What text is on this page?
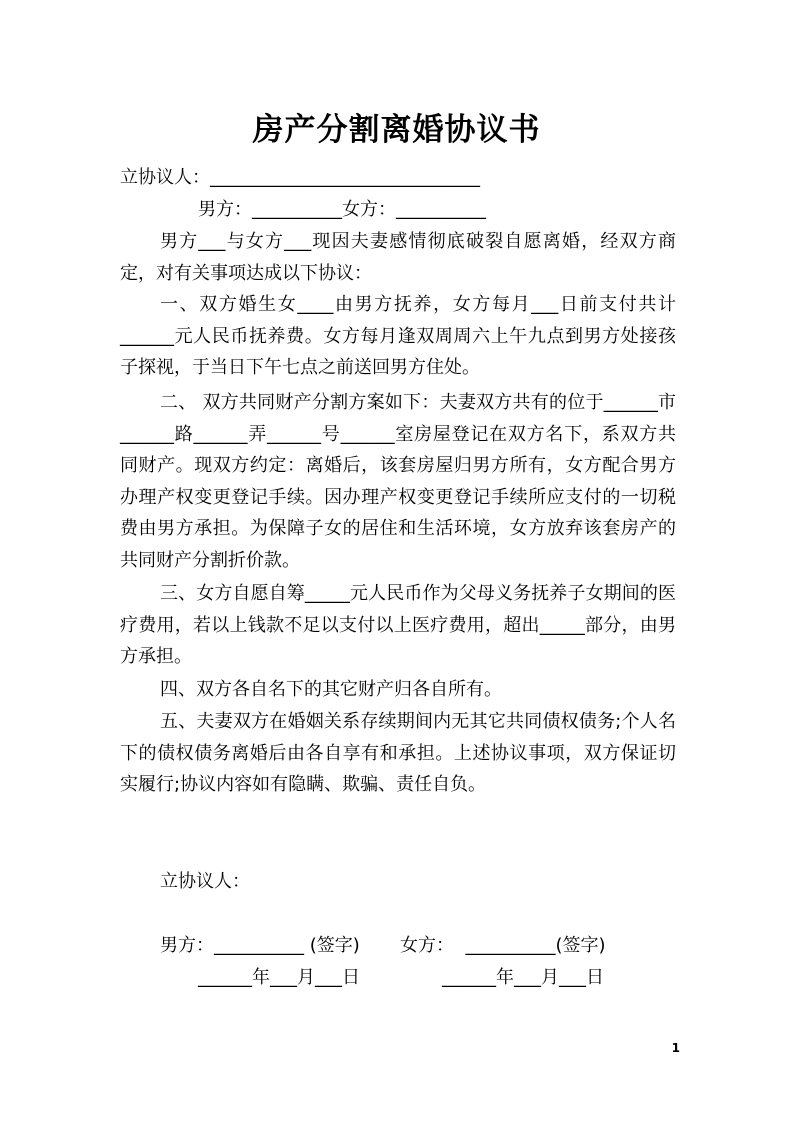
房产分割离婚协议书
立协议人：______________________________
男方：__________女方：__________
男方___与女方___现因夫妻感情彻底破裂自愿离婚，经双方商定，对有关事项达成以下协议：
一、双方婚生女____由男方抚养，女方每月___日前支付共计______元人民币抚养费。女方每月逢双周周六上午九点到男方处接孩子探视，于当日下午七点之前送回男方住处。
二、 双方共同财产分割方案如下：夫妻双方共有的位于______市______路______弄______号______室房屋登记在双方名下，系双方共同财产。现双方约定：离婚后，该套房屋归男方所有，女方配合男方办理产权变更登记手续。因办理产权变更登记手续所应支付的一切税费由男方承担。为保障子女的居住和生活环境，女方放弃该套房产的共同财产分割折价款。
三、女方自愿自筹_____元人民币作为父母义务抚养子女期间的医疗费用，若以上钱款不足以支付以上医疗费用，超出_____部分，由男方承担。
四、双方各自名下的其它财产归各自所有。
五、夫妻双方在婚姻关系存续期间内无其它共同债权债务;个人名下的债权债务离婚后由各自享有和承担。上述协议事项，双方保证切实履行;协议内容如有隐瞒、欺骗、责任自负。
立协议人：
男方：__________ (签字) 女方：  __________(签字)
______年___月___日	______年___月___日
1
